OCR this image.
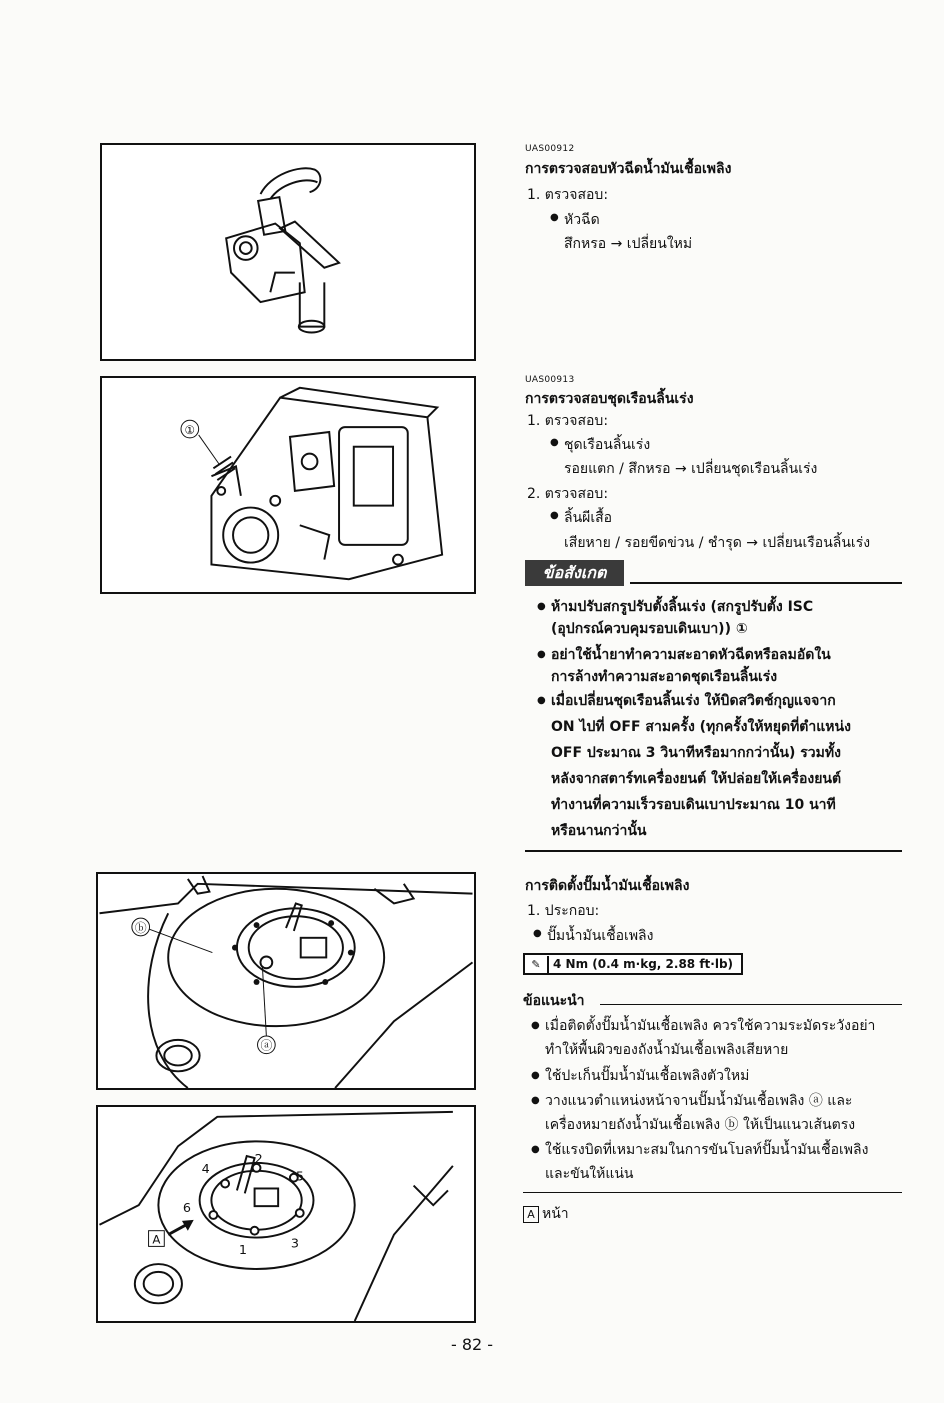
①
ⓑ
ⓐ
1
2
3
4
5
6
A
UAS00912
การตรวจสอบหัวฉีดน้ำมันเชื้อเพลิง
1. ตรวจสอบ:
● หัวฉีด
สึกหรอ → เปลี่ยนใหม่
UAS00913
การตรวจสอบชุดเรือนลิ้นเร่ง
1. ตรวจสอบ:
● ชุดเรือนลิ้นเร่ง
รอยแตก / สึกหรอ → เปลี่ยนชุดเรือนลิ้นเร่ง
2. ตรวจสอบ:
● ลิ้นผีเสื้อ
เสียหาย / รอยขีดข่วน / ชำรุด → เปลี่ยนเรือนลิ้นเร่ง
ข้อสังเกต
● ห้ามปรับสกรูปรับตั้งลิ้นเร่ง (สกรูปรับตั้ง ISC
(อุปกรณ์ควบคุมรอบเดินเบา)) ①
● อย่าใช้น้ำยาทำความสะอาดหัวฉีดหรือลมอัดใน
การล้างทำความสะอาดชุดเรือนลิ้นเร่ง
● เมื่อเปลี่ยนชุดเรือนลิ้นเร่ง ให้บิดสวิตช์กุญแจจาก
ON ไปที่ OFF สามครั้ง (ทุกครั้งให้หยุดที่ตำแหน่ง
OFF ประมาณ 3 วินาทีหรือมากกว่านั้น) รวมทั้ง
หลังจากสตาร์ทเครื่องยนต์ ให้ปล่อยให้เครื่องยนต์
ทำงานที่ความเร็วรอบเดินเบาประมาณ 10 นาที
หรือนานกว่านั้น
การติดตั้งปั๊มน้ำมันเชื้อเพลิง
1. ประกอบ:
● ปั๊มน้ำมันเชื้อเพลิง
✎ 4 Nm (0.4 m·kg, 2.88 ft·lb)
ข้อแนะนำ
● เมื่อติดตั้งปั๊มน้ำมันเชื้อเพลิง ควรใช้ความระมัดระวังอย่า
ทำให้พื้นผิวของถังน้ำมันเชื้อเพลิงเสียหาย
● ใช้ปะเก็นปั๊มน้ำมันเชื้อเพลิงตัวใหม่
● วางแนวตำแหน่งหน้าจานปั๊มน้ำมันเชื้อเพลิง ⓐ และ
เครื่องหมายถังน้ำมันเชื้อเพลิง ⓑ ให้เป็นแนวเส้นตรง
● ใช้แรงบิดที่เหมาะสมในการขันโบลท์ปั๊มน้ำมันเชื้อเพลิง
และขันให้แน่น
A หน้า
- 82 -
